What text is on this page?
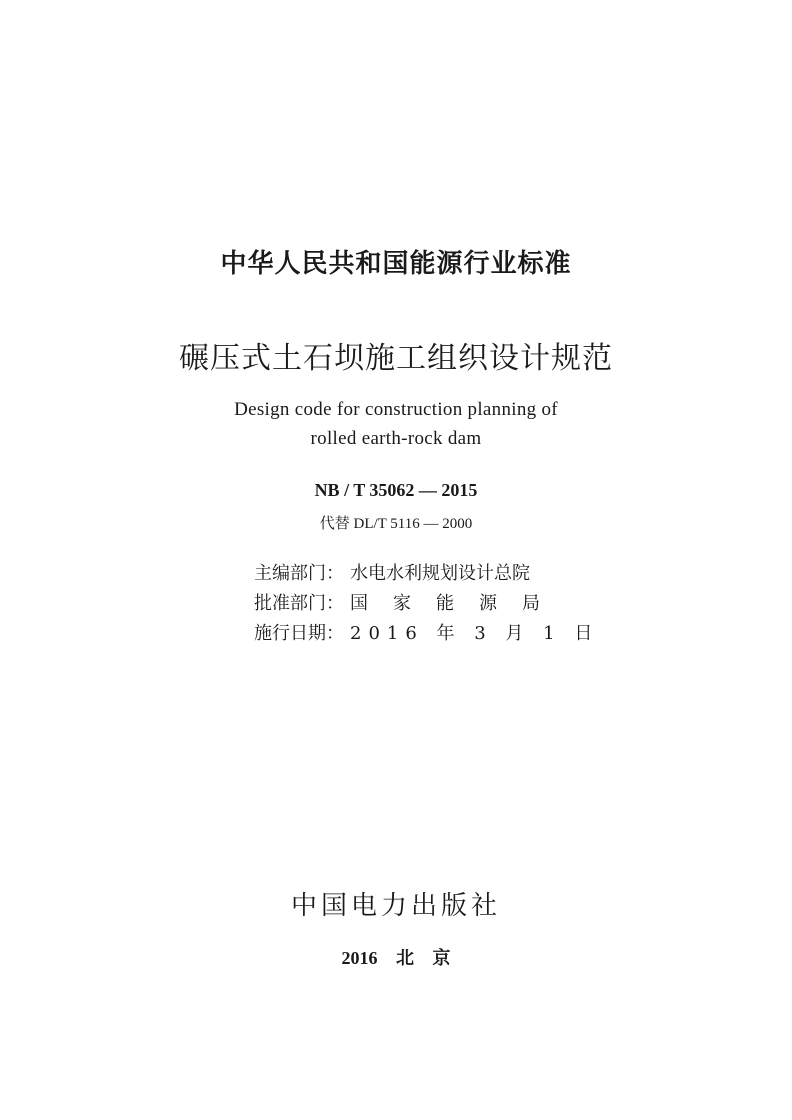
中华人民共和国能源行业标准
碾压式土石坝施工组织设计规范
Design code for construction planning of
rolled earth-rock dam
NB / T 35062 — 2015
代替 DL/T 5116 — 2000
主编部门： 水电水利规划设计总院
批准部门： 国 家 能 源 局
施行日期： 2016 年 3 月 1 日
中国电力出版社
2016 北 京
